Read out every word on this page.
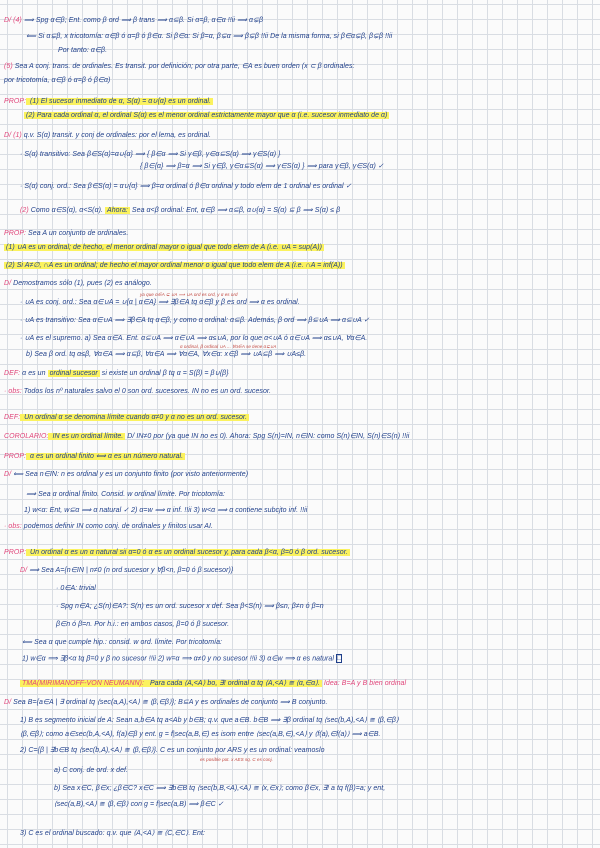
D/ (4) ⟹ Spg α∈β; Ent. como β ord ⟹ β trans ⟹ α⊆β. Si α=β, α∈α !!ii ⟹ α⊊β
⟸ Si α⊊β, x tricotomía: α∈β ó α=β ó β∈α. Si β∈α: Si β=α, β⊊α ⟹ β⊊β !!ii De la misma forma, si β∈α⊊β, β⊊β !!ii
Por tanto: α∈β.
(5) Sea A conj. trans. de ordinales. Es transit. por definición; por otra parte, ∈A es buen orden (x ⊂ β ordinales:
por tricotomía, α∈β ó α=β ó β∈α)
PROP: (1) El sucesor inmediato de α, S(α) = α∪{α} es un ordinal.
(2) Para cada ordinal α, el ordinal S(α) es el menor ordinal estrictamente mayor que α (i.e. sucesor inmediato de α)
D/ (1) q.v. S(α) transit. y conj de ordinales: por el lema, es ordinal.
· S(α) transitivo: Sea β∈S(α)=α∪{α} ⟹ { β∈α ⟹ Si γ∈β, γ∈α⊆S(α) ⟹ γ∈S(α) }
{ β∈{α} ⟹ β=α ⟹ Si γ∈β, γ∈α⊆S(α) ⟹ γ∈S(α) } ⟹ para γ∈β, γ∈S(α) ✓
· S(α) conj. ord.: Sea β∈S(α) = α∪{α} ⟹ β=α ordinal ó β∈α ordinal y todo elem de 1 ordinal es ordinal ✓
(2) Como α∈S(α), α<S(α). Ahora: Sea α<β ordinal: Ent, α∈β ⟹ α⊆β, α∪{α} = S(α) ⊆ β ⟹ S(α) ≤ β
PROP: Sea A un conjunto de ordinales.
(1) ∪A es un ordinal; de hecho, el menor ordinal mayor o igual que todo elem de A (i.e. ∪A = sup(A))
(2) Si A≠∅, ∩A es un ordinal; de hecho el mayor ordinal menor o igual que todo elem de A (i.e. ∩A = inf(A))
D/ Demostramos sólo (1), pues (2) es análogo.
ya que α∈A ⊆ ∪A ⟹ ∪A ord es ord, y α es ord
· ∪A es conj. ord.: Sea α∈∪A = ∪{α | α∈A} ⟹ ∃β∈A tq α∈β y β es ord ⟹ α es ordinal.
· ∪A es transitivo: Sea α∈∪A ⟹ ∃β∈A tq α∈β, y como α ordinal: α⊆β. Además, β ord ⟹ β⊆∪A ⟹ α⊆∪A ✓
· ∪A es el supremo. a) Sea α∈A. Ent. α⊆∪A ⟹ α∈∪A ⟹ α≤∪A, por lo que α<∪A ó α∈∪A ⟹ α≤∪A, ∀α∈A.
α ordinal, β ordinal ∪A ... ∀α∈A se tiene α⊆∪A
b) Sea β ord. tq α≤β, ∀α∈A ⟹ α⊆β, ∀α∈A ⟹ ∀α∈A, ∀x∈α: x∈β ⟹ ∪A⊆β ⟹ ∪A≤β.
DEF: α es un ordinal sucesor si existe un ordinal β tq α = S(β) = β∪{β}
· obs: Todos los nº naturales salvo el 0 son ord. sucesores. IN no es un ord. sucesor.
DEF: Un ordinal α se denomina límite cuando α≠0 y α no es un ord. sucesor.
COROLARIO: IN es un ordinal límite. D/ IN≠0 por (ya que IN no es 0). Ahora: Spg S(n)=IN, n∈IN: como S(n)∈IN, S(n)∈S(n) !!ii
PROP: α es un ordinal finito ⟺ α es un número natural.
D/ ⟸ Sea n∈IN: n es ordinal y es un conjunto finito (por visto anteriormente)
⟹ Sea α ordinal finito. Consid. w ordinal límite. Por tricotomía:
1) w<α: Ent, w⊆α ⟹ α natural ✓ 2) α=w ⟹ α inf. !!ii 3) w<α ⟹ α contiene subcjto inf. !!ii
· obs: podemos definir IN como conj. de ordinales y finitos usar AI.
PROP: Un ordinal α es un α natural sii α=0 ó α es un ordinal sucesor y, para cada β<α, β=0 ó β ord. sucesor.
D/ ⟹ Sea A={n∈IN | n≠0 (n ord sucesor y ∀β<n, β=0 ó β sucesor)}
· 0∈A: trivial
· Spg n∈A; ¿S(n)∈A?: S(n) es un ord. sucesor x def. Sea β<S(n) ⟹ β≤n, β≠n ó β=n
β∈n ó β=n. Por h.i.: en ambos casos, β=0 ó β sucesor.
⟸ Sea α que cumple hip.: consid. w ord. límite. Por tricotomía:
1) w∈α ⟹ ∃β<α tq β=0 y β no sucesor !!ii 2) w=α ⟹ α≠0 y no sucesor !!ii 3) α∈w ⟹ α es natural □
TMA(MIRIMANOFF-VON NEUMANN): Para cada ⟨A,<A⟩ bo, ∃! ordinal α tq ⟨A,<A⟩ ≅ ⟨α,∈α⟩. Idea: B=A y B bien ordinal
D/ Sea B={a∈A | ∃ ordinal tq ⟨sec(a,A),<A⟩ ≅ ⟨β,∈β⟩}; B⊆A y es ordinales de conjunto ⟹ B conjunto.
1) B es segmento inicial de A: Sean a,b∈A tq a<Ab y b∈B; q.v. que a∈B. b∈B ⟹ ∃β ordinal tq ⟨sec(b,A),<A⟩ ≅ ⟨β,∈β⟩
⟨β,∈β⟩; como a∈sec(b,A,<A), f(a)∈β y ent. g = f|sec(a,B,∈) es isom entre ⟨sec(a,B,∈),<A⟩ y ⟨f(a),∈f(a)⟩ ⟹ a∈B.
2) C={β | ∃b∈B tq ⟨sec(b,A),<A⟩ ≅ ⟨β,∈β⟩}. C es un conjunto por ARS y es un ordinal: veamoslo
es posible pot. x AES sq. C es conj.
a) C conj. de ord. x def.
b) Sea x∈C, β∈x; ¿β∈C? x∈C ⟹ ∃b∈B tq ⟨sec(b,B,<A),<A⟩ ≅ ⟨x,∈x⟩; como β∈x, ∃! a tq f(β)=a; y ent,
⟨sec(a,B),<A⟩ ≅ ⟨β,∈β⟩ con g = f|sec(a,B) ⟹ β∈C ✓
3) C es el ordinal buscado: q.v. que ⟨A,<A⟩ ≅ ⟨C,∈C⟩. Ent:
